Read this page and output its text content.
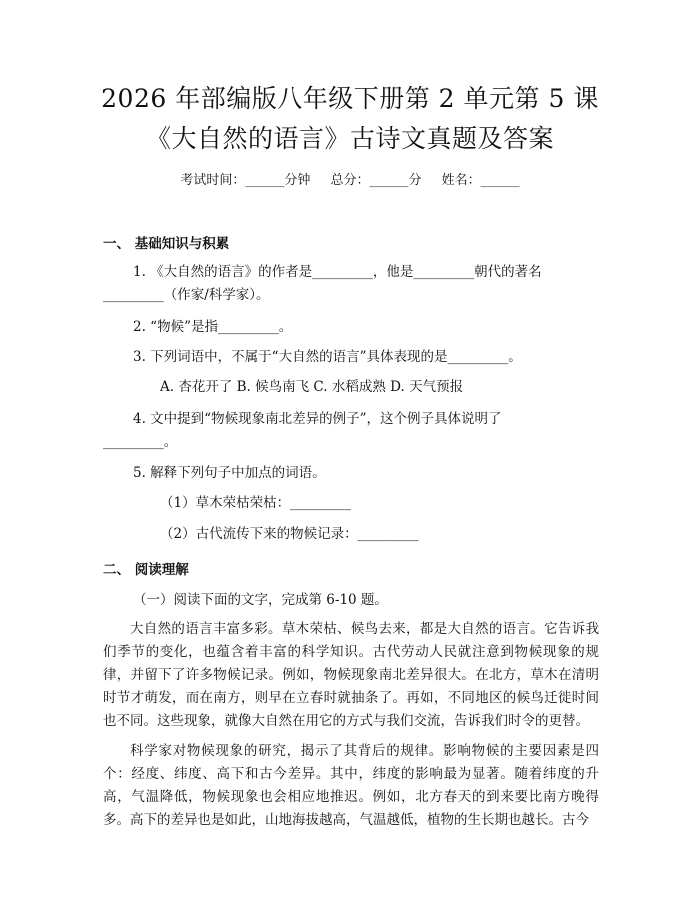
2026 年部编版八年级下册第 2 单元第 5 课
《大自然的语言》古诗文真题及答案
考试时间：______分钟 总分：______分 姓名：______
一、 基础知识与积累
1. 《大自然的语言》的作者是_________，他是_________朝代的著名
_________（作家/科学家）。
2. “物候”是指_________。
3. 下列词语中，不属于“大自然的语言”具体表现的是_________。
A. 杏花开了 B. 候鸟南飞 C. 水稻成熟 D. 天气预报
4. 文中提到“物候现象南北差异的例子”，这个例子具体说明了
_________。
5. 解释下列句子中加点的词语。
（1）草木荣枯荣枯：_________
（2）古代流传下来的物候记录：_________
二、 阅读理解
（一）阅读下面的文字，完成第 6-10 题。
大自然的语言丰富多彩。草木荣枯、候鸟去来，都是大自然的语言。它告诉我们季节的变化，也蕴含着丰富的科学知识。古代劳动人民就注意到物候现象的规律，并留下了许多物候记录。例如，物候现象南北差异很大。在北方，草木在清明时节才萌发，而在南方，则早在立春时就抽条了。再如，不同地区的候鸟迁徙时间也不同。这些现象，就像大自然在用它的方式与我们交流，告诉我们时令的更替。
科学家对物候现象的研究，揭示了其背后的规律。影响物候的主要因素是四个：经度、纬度、高下和古今差异。其中，纬度的影响最为显著。随着纬度的升高，气温降低，物候现象也会相应地推迟。例如，北方春天的到来要比南方晚得多。高下的差异也是如此，山地海拔越高，气温越低，植物的生长期也越长。古今
